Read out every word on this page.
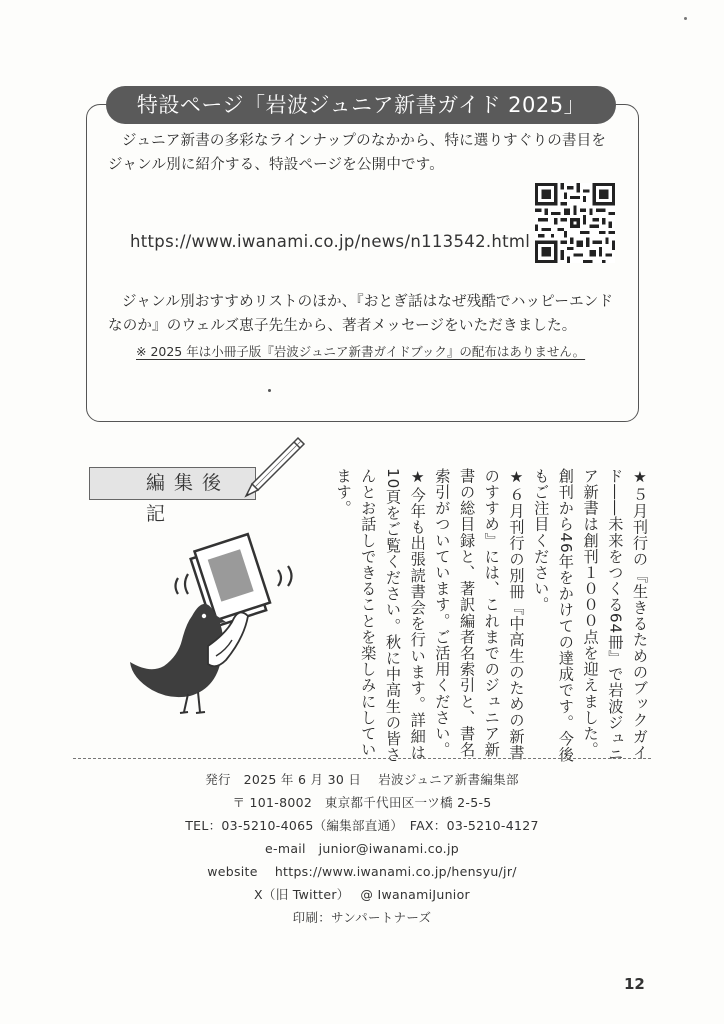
特設ページ「岩波ジュニア新書ガイド 2025」
ジュニア新書の多彩なラインナップのなかから、特に選りすぐりの書目をジャンル別に紹介する、特設ページを公開中です。
https://www.iwanami.co.jp/news/n113542.html
ジャンル別おすすめリストのほか、『おとぎ話はなぜ残酷でハッピーエンドなのか』のウェルズ恵子先生から、著者メッセージをいただきました。
※ 2025 年は小冊子版『岩波ジュニア新書ガイドブック』の配布はありません。
編集後記	★５月刊行の『生きるためのブックガイド――未来をつくる64冊』で岩波ジュニア新書は創刊１０００点を迎えました。創刊から46年をかけての達成です。今後もご注目ください。

★６月刊行の別冊『中高生のための新書のすすめ』には、これまでのジュニア新書の総目録と、著訳編者名索引と、書名索引がついています。ご活用ください。

★今年も出張読書会を行います。詳細は10頁をご覧ください。秋に中高生の皆さんとお話しできることを楽しみにしています。

発行　2025 年 6 月 30 日　 岩波ジュニア新書編集部
〒 101-8002　東京都千代田区一ツ橋 2-5-5
TEL：03-5210-4065（編集部直通）　FAX：03-5210-4127
e-mail　junior@iwanami.co.jp
website　 https://www.iwanami.co.jp/hensyu/jr/
X（旧 Twitter）　 @ IwanamiJunior
印刷：サンパートナーズ
12
